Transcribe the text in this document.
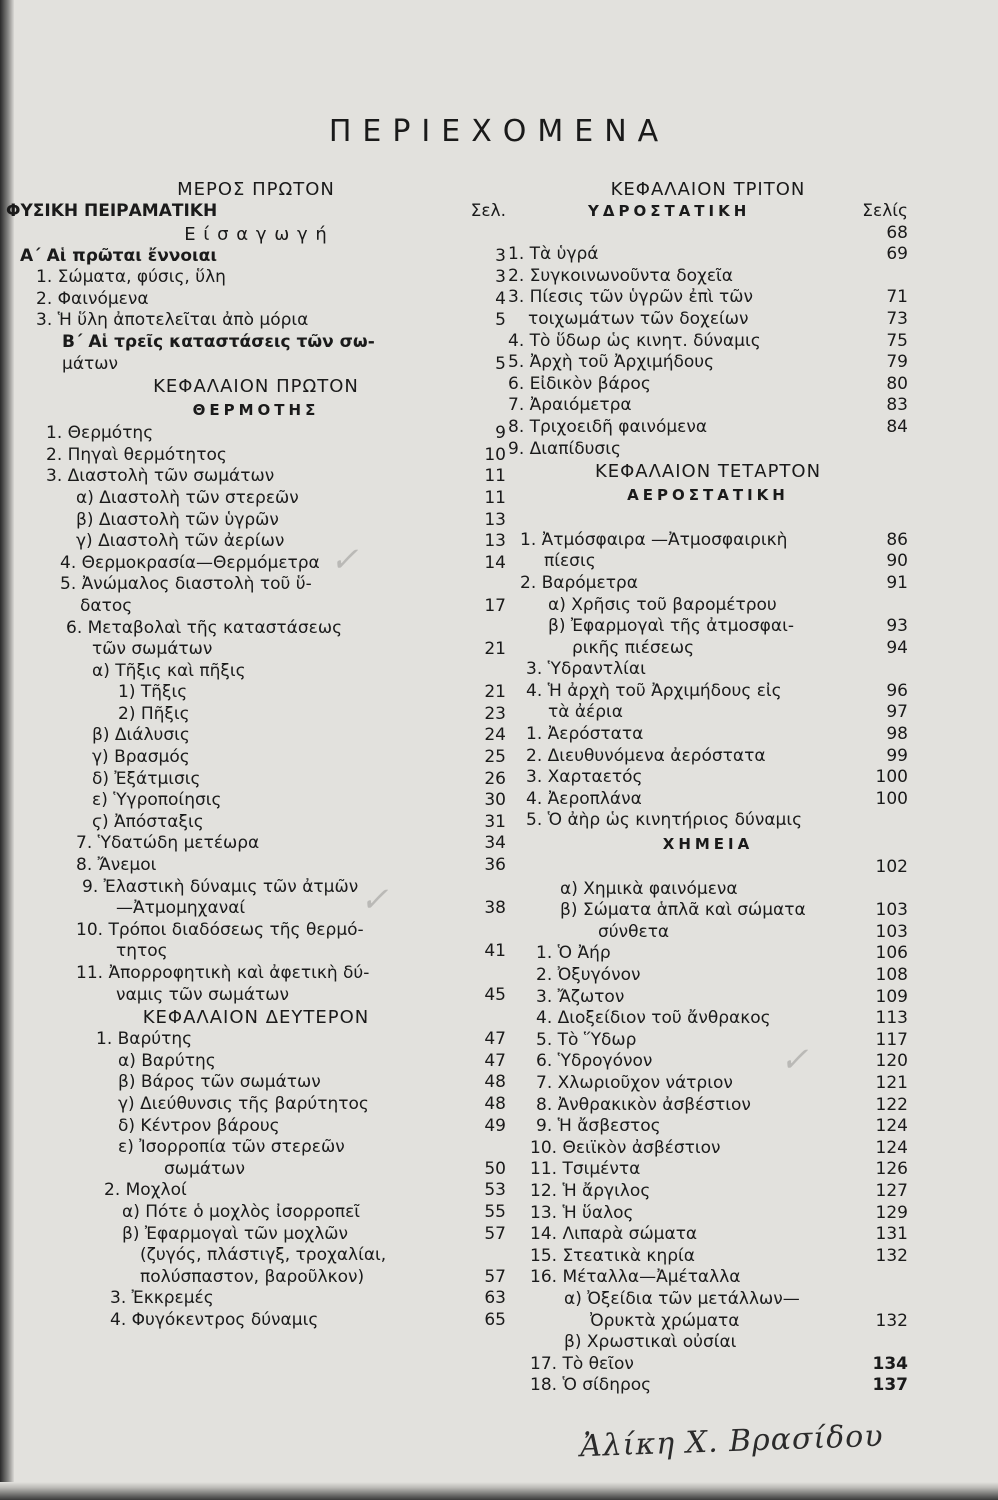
ΠΕΡΙΕΧΟΜΕΝΑ
ΜΕΡΟΣ ΠΡΩΤΟΝ
ΦΥΣΙΚΗ ΠΕΙΡΑΜΑΤΙΚΗ	Σελ.
Ε ί σ α γ ω γ ή
Α΄ Αἱ πρῶται ἔννοιαι	3
1. Σώματα, φύσις, ὕλη	3
2. Φαινόμενα	4
3. Ἡ ὕλη ἀποτελεῖται ἀπὸ μόρια	5
Β΄ Αἱ τρεῖς καταστάσεις τῶν σω-
μάτων	5
ΚΕΦΑΛΑΙΟΝ ΠΡΩΤΟΝ
ΘΕΡΜΟΤΗΣ
1. Θερμότης	9
2. Πηγαὶ θερμότητος	10
3. Διαστολὴ τῶν σωμάτων	11
α) Διαστολὴ τῶν στερεῶν	11
β) Διαστολὴ τῶν ὑγρῶν	13
γ) Διαστολὴ τῶν ἀερίων	13
4. Θερμοκρασία—Θερμόμετρα	14
5. Ἀνώμαλος διαστολὴ τοῦ ὕ-
δατος	17
6. Μεταβολαὶ τῆς καταστάσεως
τῶν σωμάτων	21
α) Τῆξις καὶ πῆξις
1) Τῆξις	21
2) Πῆξις	23
β) Διάλυσις	24
γ) Βρασμός	25
δ) Ἐξάτμισις	26
ε) Ὑγροποίησις	30
ϛ) Ἀπόσταξις	31
7. Ὑδατώδη μετέωρα	34
8. Ἄνεμοι	36
9. Ἐλαστικὴ δύναμις τῶν ἀτμῶν
—Ἀτμομηχαναί	38
10. Τρόποι διαδόσεως τῆς θερμό-
τητος	41
11. Ἀπορροφητικὴ καὶ ἀφετικὴ δύ-
ναμις τῶν σωμάτων	45
ΚΕΦΑΛΑΙΟΝ ΔΕΥΤΕΡΟΝ
1. Βαρύτης	47
α) Βαρύτης	47
β) Βάρος τῶν σωμάτων	48
γ) Διεύθυνσις τῆς βαρύτητος	48
δ) Κέντρον βάρους	49
ε) Ἰσορροπία τῶν στερεῶν
σωμάτων	50
2. Μοχλοί	53
α) Πότε ὁ μοχλὸς ἰσορροπεῖ	55
β) Ἐφαρμογαὶ τῶν μοχλῶν	57
(ζυγός, πλάστιγξ, τροχαλίαι,
πολύσπαστον, βαροῦλκον)	57
3. Ἐκκρεμές	63
4. Φυγόκεντρος δύναμις	65
ΚΕΦΑΛΑΙΟΝ ΤΡΙΤΟΝ
ΥΔΡΟΣΤΑΤΙΚΗ	Σελίς
68
1. Τὰ ὑγρά	69
2. Συγκοινωνοῦντα δοχεῖα
3. Πίεσις τῶν ὑγρῶν ἐπὶ τῶν	71
τοιχωμάτων τῶν δοχείων	73
4. Τὸ ὕδωρ ὡς κινητ. δύναμις	75
5. Ἀρχὴ τοῦ Ἀρχιμήδους	79
6. Εἰδικὸν βάρος	80
7. Ἀραιόμετρα	83
8. Τριχοειδῆ φαινόμενα	84
9. Διαπίδυσις
ΚΕΦΑΛΑΙΟΝ ΤΕΤΑΡΤΟΝ
ΑΕΡΟΣΤΑΤΙΚΗ
1. Ἀτμόσφαιρα —Ἀτμοσφαιρικὴ	86
πίεσις	90
2. Βαρόμετρα	91
α) Χρῆσις τοῦ βαρομέτρου
β) Ἐφαρμογαὶ τῆς ἀτμοσφαι-	93
ρικῆς πιέσεως	94
3. Ὑδραντλίαι
4. Ἡ ἀρχὴ τοῦ Ἀρχιμήδους εἰς	96
τὰ ἀέρια	97
1. Ἀερόστατα	98
2. Διευθυνόμενα ἀερόστατα	99
3. Χαρταετός	100
4. Ἀεροπλάνα	100
5. Ὁ ἀὴρ ὡς κινητήριος δύναμις
ΧΗΜΕΙΑ
102
α) Χημικὰ φαινόμενα
β) Σώματα ἁπλᾶ καὶ σώματα	103
σύνθετα	103
1. Ὁ Ἀήρ	106
2. Ὀξυγόνον	108
3. Ἄζωτον	109
4. Διοξείδιον τοῦ ἄνθρακος	113
5. Τὸ Ὕδωρ	117
6. Ὑδρογόνον	120
7. Χλωριοῦχον νάτριον	121
8. Ἀνθρακικὸν ἀσβέστιον	122
9. Ἡ ἄσβεστος	124
10. Θειϊκὸν ἀσβέστιον	124
11. Τσιμέντα	126
12. Ἡ ἄργιλος	127
13. Ἡ ὕαλος	129
14. Λιπαρὰ σώματα	131
15. Στεατικὰ κηρία	132
16. Μέταλλα—Ἀμέταλλα
α) Ὀξείδια τῶν μετάλλων—
Ὀρυκτὰ χρώματα	132
β) Χρωστικαὶ οὐσίαι
17. Τὸ θεῖον	134
18. Ὁ σίδηρος	137
✓
✓
✓
Ἀλίκη Χ. Βρασίδου
